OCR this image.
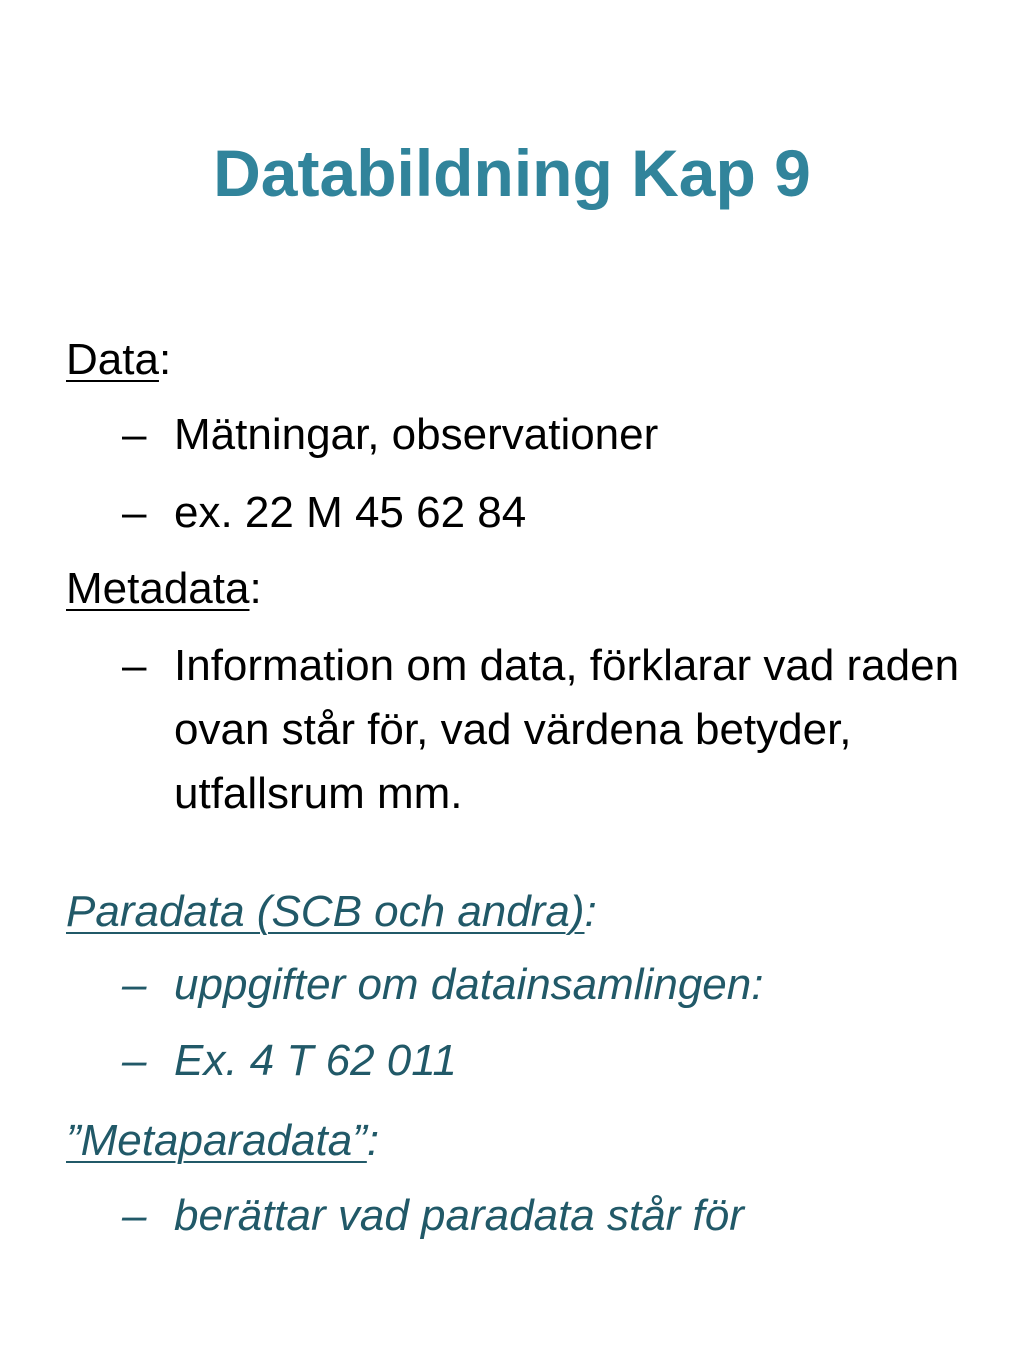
Databildning Kap 9
Data:
– Mätningar, observationer
– ex. 22 M 45 62 84
Metadata:
– Information om data, förklarar vad raden ovan står för, vad värdena betyder, utfallsrum mm.
Paradata (SCB och andra):
– uppgifter om datainsamlingen:
– Ex. 4 T 62 011
”Metaparadata”:
– berättar vad paradata står för
